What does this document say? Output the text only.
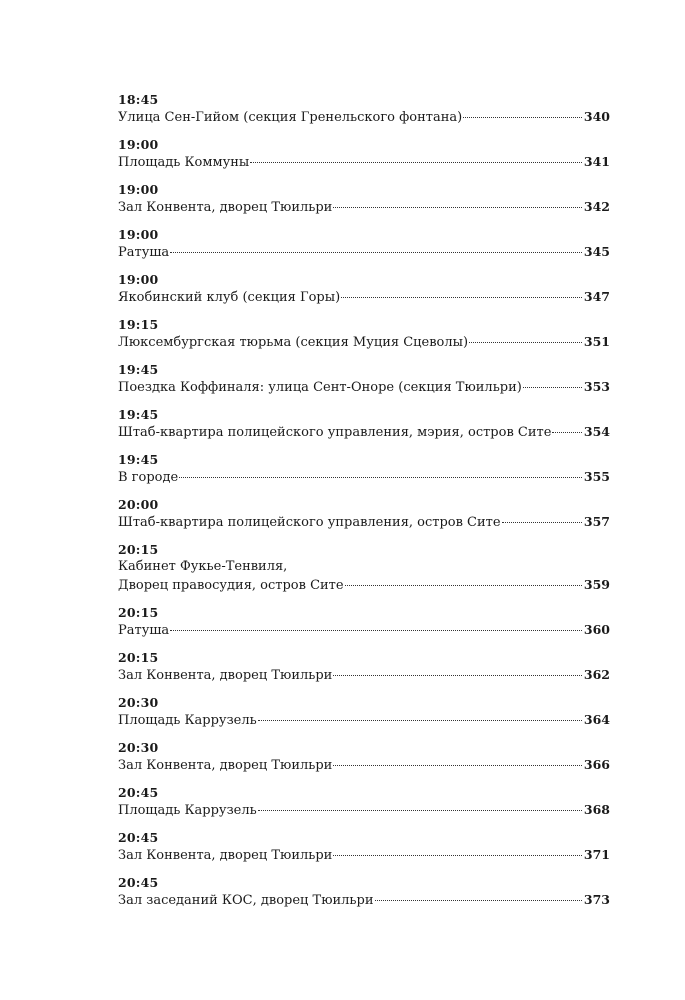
18:45
Улица Сен-Гийом (секция Гренельского фонтана)	340
19:00
Площадь Коммуны	341
19:00
Зал Конвента, дворец Тюильри	342
19:00
Ратуша	345
19:00
Якобинский клуб (секция Горы)	347
19:15
Люксембургская тюрьма (секция Муция Сцеволы)	351
19:45
Поездка Коффиналя: улица Сент-Оноре (секция Тюильри)	353
19:45
Штаб-квартира полицейского управления, мэрия, остров Сите	354
19:45
В городе	355
20:00
Штаб-квартира полицейского управления, остров Сите	357
20:15
Кабинет Фукье-Тенвиля,
Дворец правосудия, остров Сите	359
20:15
Ратуша	360
20:15
Зал Конвента, дворец Тюильри	362
20:30
Площадь Каррузель	364
20:30
Зал Конвента, дворец Тюильри	366
20:45
Площадь Каррузель	368
20:45
Зал Конвента, дворец Тюильри	371
20:45
Зал заседаний КОС, дворец Тюильри	373
